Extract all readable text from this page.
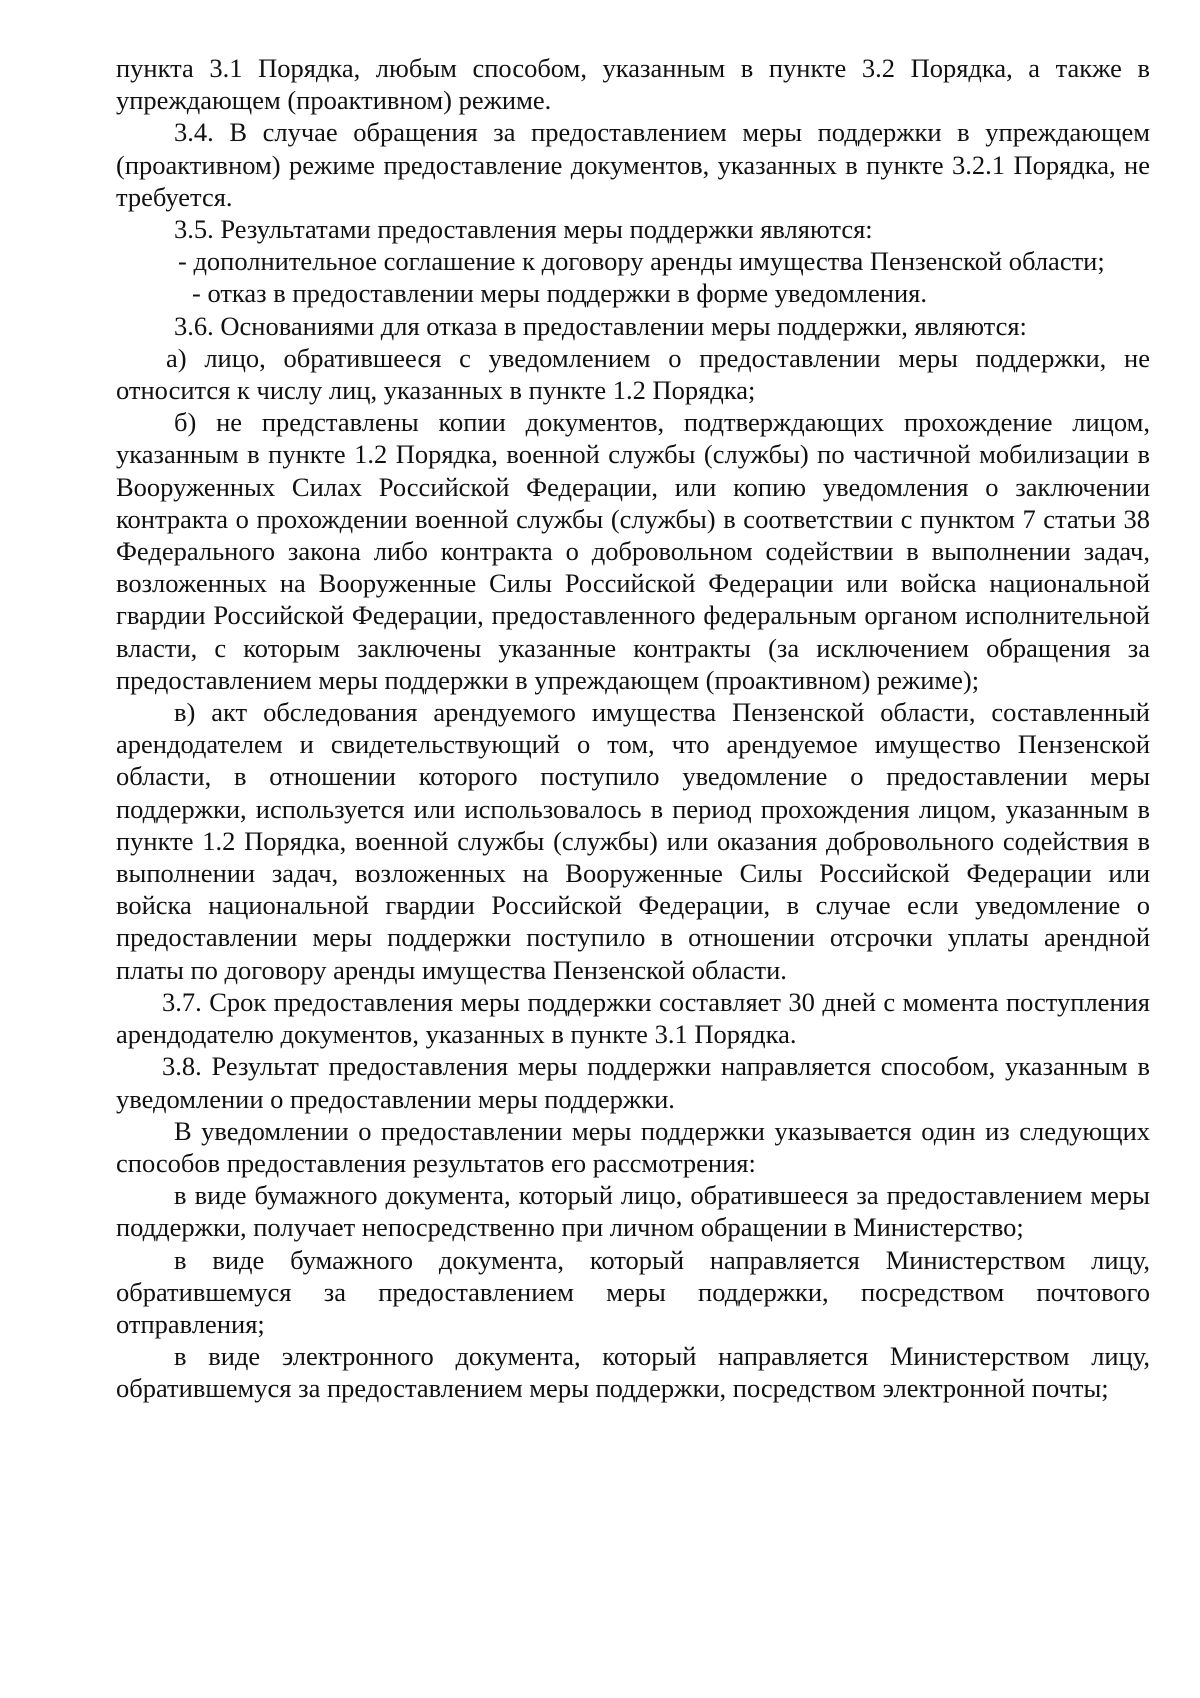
пункта 3.1 Порядка, любым способом, указанным в пункте 3.2 Порядка, а также в упреждающем (проактивном) режиме.

3.4. В случае обращения за предоставлением меры поддержки в упреждающем (проактивном) режиме предоставление документов, указанных в пункте 3.2.1 Порядка, не требуется.

3.5. Результатами предоставления меры поддержки являются:

- дополнительное соглашение к договору аренды имущества Пензенской области;

- отказ в предоставлении меры поддержки в форме уведомления.

3.6. Основаниями для отказа в предоставлении меры поддержки, являются:

а) лицо, обратившееся с уведомлением о предоставлении меры поддержки, не относится к числу лиц, указанных в пункте 1.2 Порядка;

б) не представлены копии документов, подтверждающих прохождение лицом, указанным в пункте 1.2 Порядка, военной службы (службы) по частичной мобилизации в Вооруженных Силах Российской Федерации, или копию уведомления о заключении контракта о прохождении военной службы (службы) в соответствии с пунктом 7 статьи 38 Федерального закона либо контракта о добровольном содействии в выполнении задач, возложенных на Вооруженные Силы Российской Федерации или войска национальной гвардии Российской Федерации, предоставленного федеральным органом исполнительной власти, с которым заключены указанные контракты (за исключением обращения за предоставлением меры поддержки в упреждающем (проактивном) режиме);

в) акт обследования арендуемого имущества Пензенской области, составленный арендодателем и свидетельствующий о том, что арендуемое имущество Пензенской области, в отношении которого поступило уведомление о предоставлении меры поддержки, используется или использовалось в период прохождения лицом, указанным в пункте 1.2 Порядка, военной службы (службы) или оказания добровольного содействия в выполнении задач, возложенных на Вооруженные Силы Российской Федерации или войска национальной гвардии Российской Федерации, в случае если уведомление о предоставлении меры поддержки поступило в отношении отсрочки уплаты арендной платы по договору аренды имущества Пензенской области.

3.7. Срок предоставления меры поддержки составляет 30 дней с момента поступления арендодателю документов, указанных в пункте 3.1 Порядка.

3.8. Результат предоставления меры поддержки направляется способом, указанным в уведомлении о предоставлении меры поддержки.

В уведомлении о предоставлении меры поддержки указывается один из следующих способов предоставления результатов его рассмотрения:

в виде бумажного документа, который лицо, обратившееся за предоставлением меры поддержки, получает непосредственно при личном обращении в Министерство;

в виде бумажного документа, который направляется Министерством лицу, обратившемуся за предоставлением меры поддержки, посредством почтового отправления;

в виде электронного документа, который направляется Министерством лицу, обратившемуся за предоставлением меры поддержки, посредством электронной почты;
